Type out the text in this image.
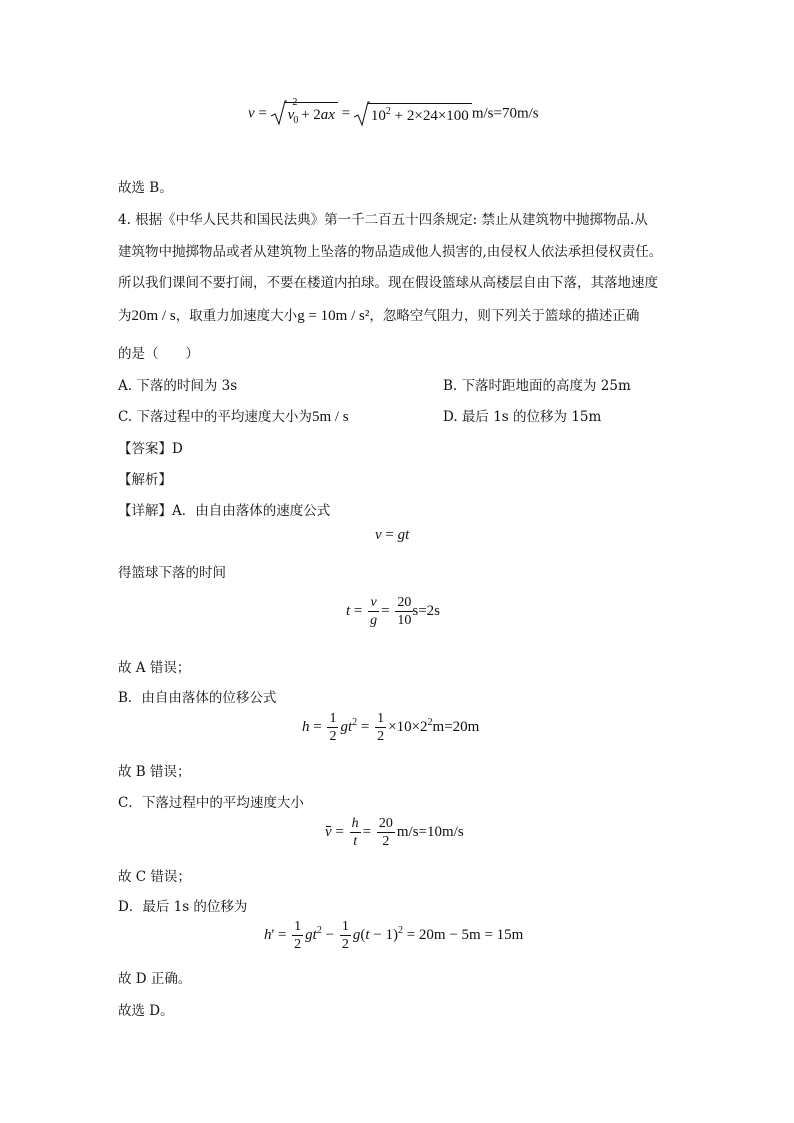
v =
$v_0^2 + 2ax$ =
$10^2 + 2\times 24\times 100$ m/s=70m/s
故选 B。
4. 根据《中华人民共和国民法典》第一千二百五十四条规定: 禁止从建筑物中抛掷物品.从
建筑物中抛掷物品或者从建筑物上坠落的物品造成他人损害的,由侵权人依法承担侵权责任。
所以我们课间不要打闹，不要在楼道内拍球。现在假设篮球从高楼层自由下落，其落地速度
为20m / s，取重力加速度大小g = 10m / s²，忽略空气阻力，则下列关于篮球的描述正确
的是（　　）
A. 下落的时间为 3s	B. 下落时距地面的高度为 25m
C. 下落过程中的平均速度大小为5m / s	D. 最后 1s 的位移为 15m
【答案】D
【解析】
【详解】A．由自由落体的速度公式
v = gt
得篮球下落的时间
$t = \frac{v}{g} = \frac{20}{10} s=2s$
故 A 错误；
B．由自由落体的位移公式
$h = \frac{1}{2} gt^2 = \frac{1}{2} \times 10\times 2^2m=20m$
故 B 错误；
C．下落过程中的平均速度大小
$v = \frac{h}{t} = \frac{20}{2} m/s=10m/s$
故 C 错误；
D．最后 1s 的位移为
$h' = \frac{1}{2} gt^2 - \frac{1}{2} g(t - 1)^2 = 20m - 5m = 15m$
故 D 正确。
故选 D。
